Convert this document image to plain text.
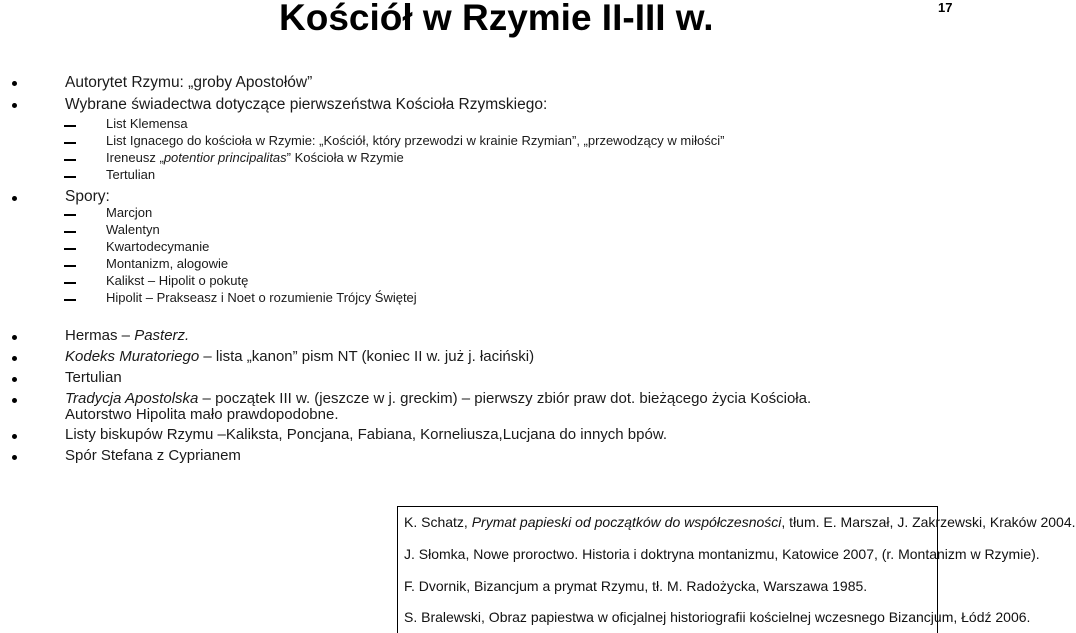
Kościół w Rzymie II-III w.	17
Autorytet Rzymu: „groby Apostołów”
Wybrane świadectwa dotyczące pierwszeństwa Kościoła Rzymskiego:
List Klemensa
List Ignacego do kościoła w Rzymie: „Kościół, który przewodzi w krainie Rzymian”, „przewodzący w miłości”
Ireneusz „potentior principalitas” Kościoła w Rzymie
Tertulian
Spory:
Marcjon
Walentyn
Kwartodecymanie
Montanizm, alogowie
Kalikst – Hipolit o pokutę
Hipolit – Prakseasz i Noet o rozumienie Trójcy Świętej
Hermas – Pasterz.
Kodeks Muratoriego – lista „kanon” pism NT (koniec II w. już j. łaciński)
Tertulian
Tradycja Apostolska – początek III w. (jeszcze w j. greckim) – pierwszy zbiór praw dot. bieżącego życia Kościoła.
Autorstwo Hipolita mało prawdopodobne.
Listy biskupów Rzymu –Kaliksta, Poncjana, Fabiana, Korneliusza,Lucjana do innych bpów.
Spór Stefana z Cyprianem
K. Schatz, Prymat papieski od początków do współczesności, tłum. E. Marszał, J. Zakrzewski, Kraków 2004.
J. Słomka, Nowe proroctwo. Historia i doktryna montanizmu, Katowice 2007, (r. Montanizm w Rzymie).
F. Dvornik, Bizancjum a prymat Rzymu, tł. M. Radożycka, Warszawa 1985.
S. Bralewski, Obraz papiestwa w oficjalnej historiografii kościelnej wczesnego Bizancjum, Łódź 2006.
